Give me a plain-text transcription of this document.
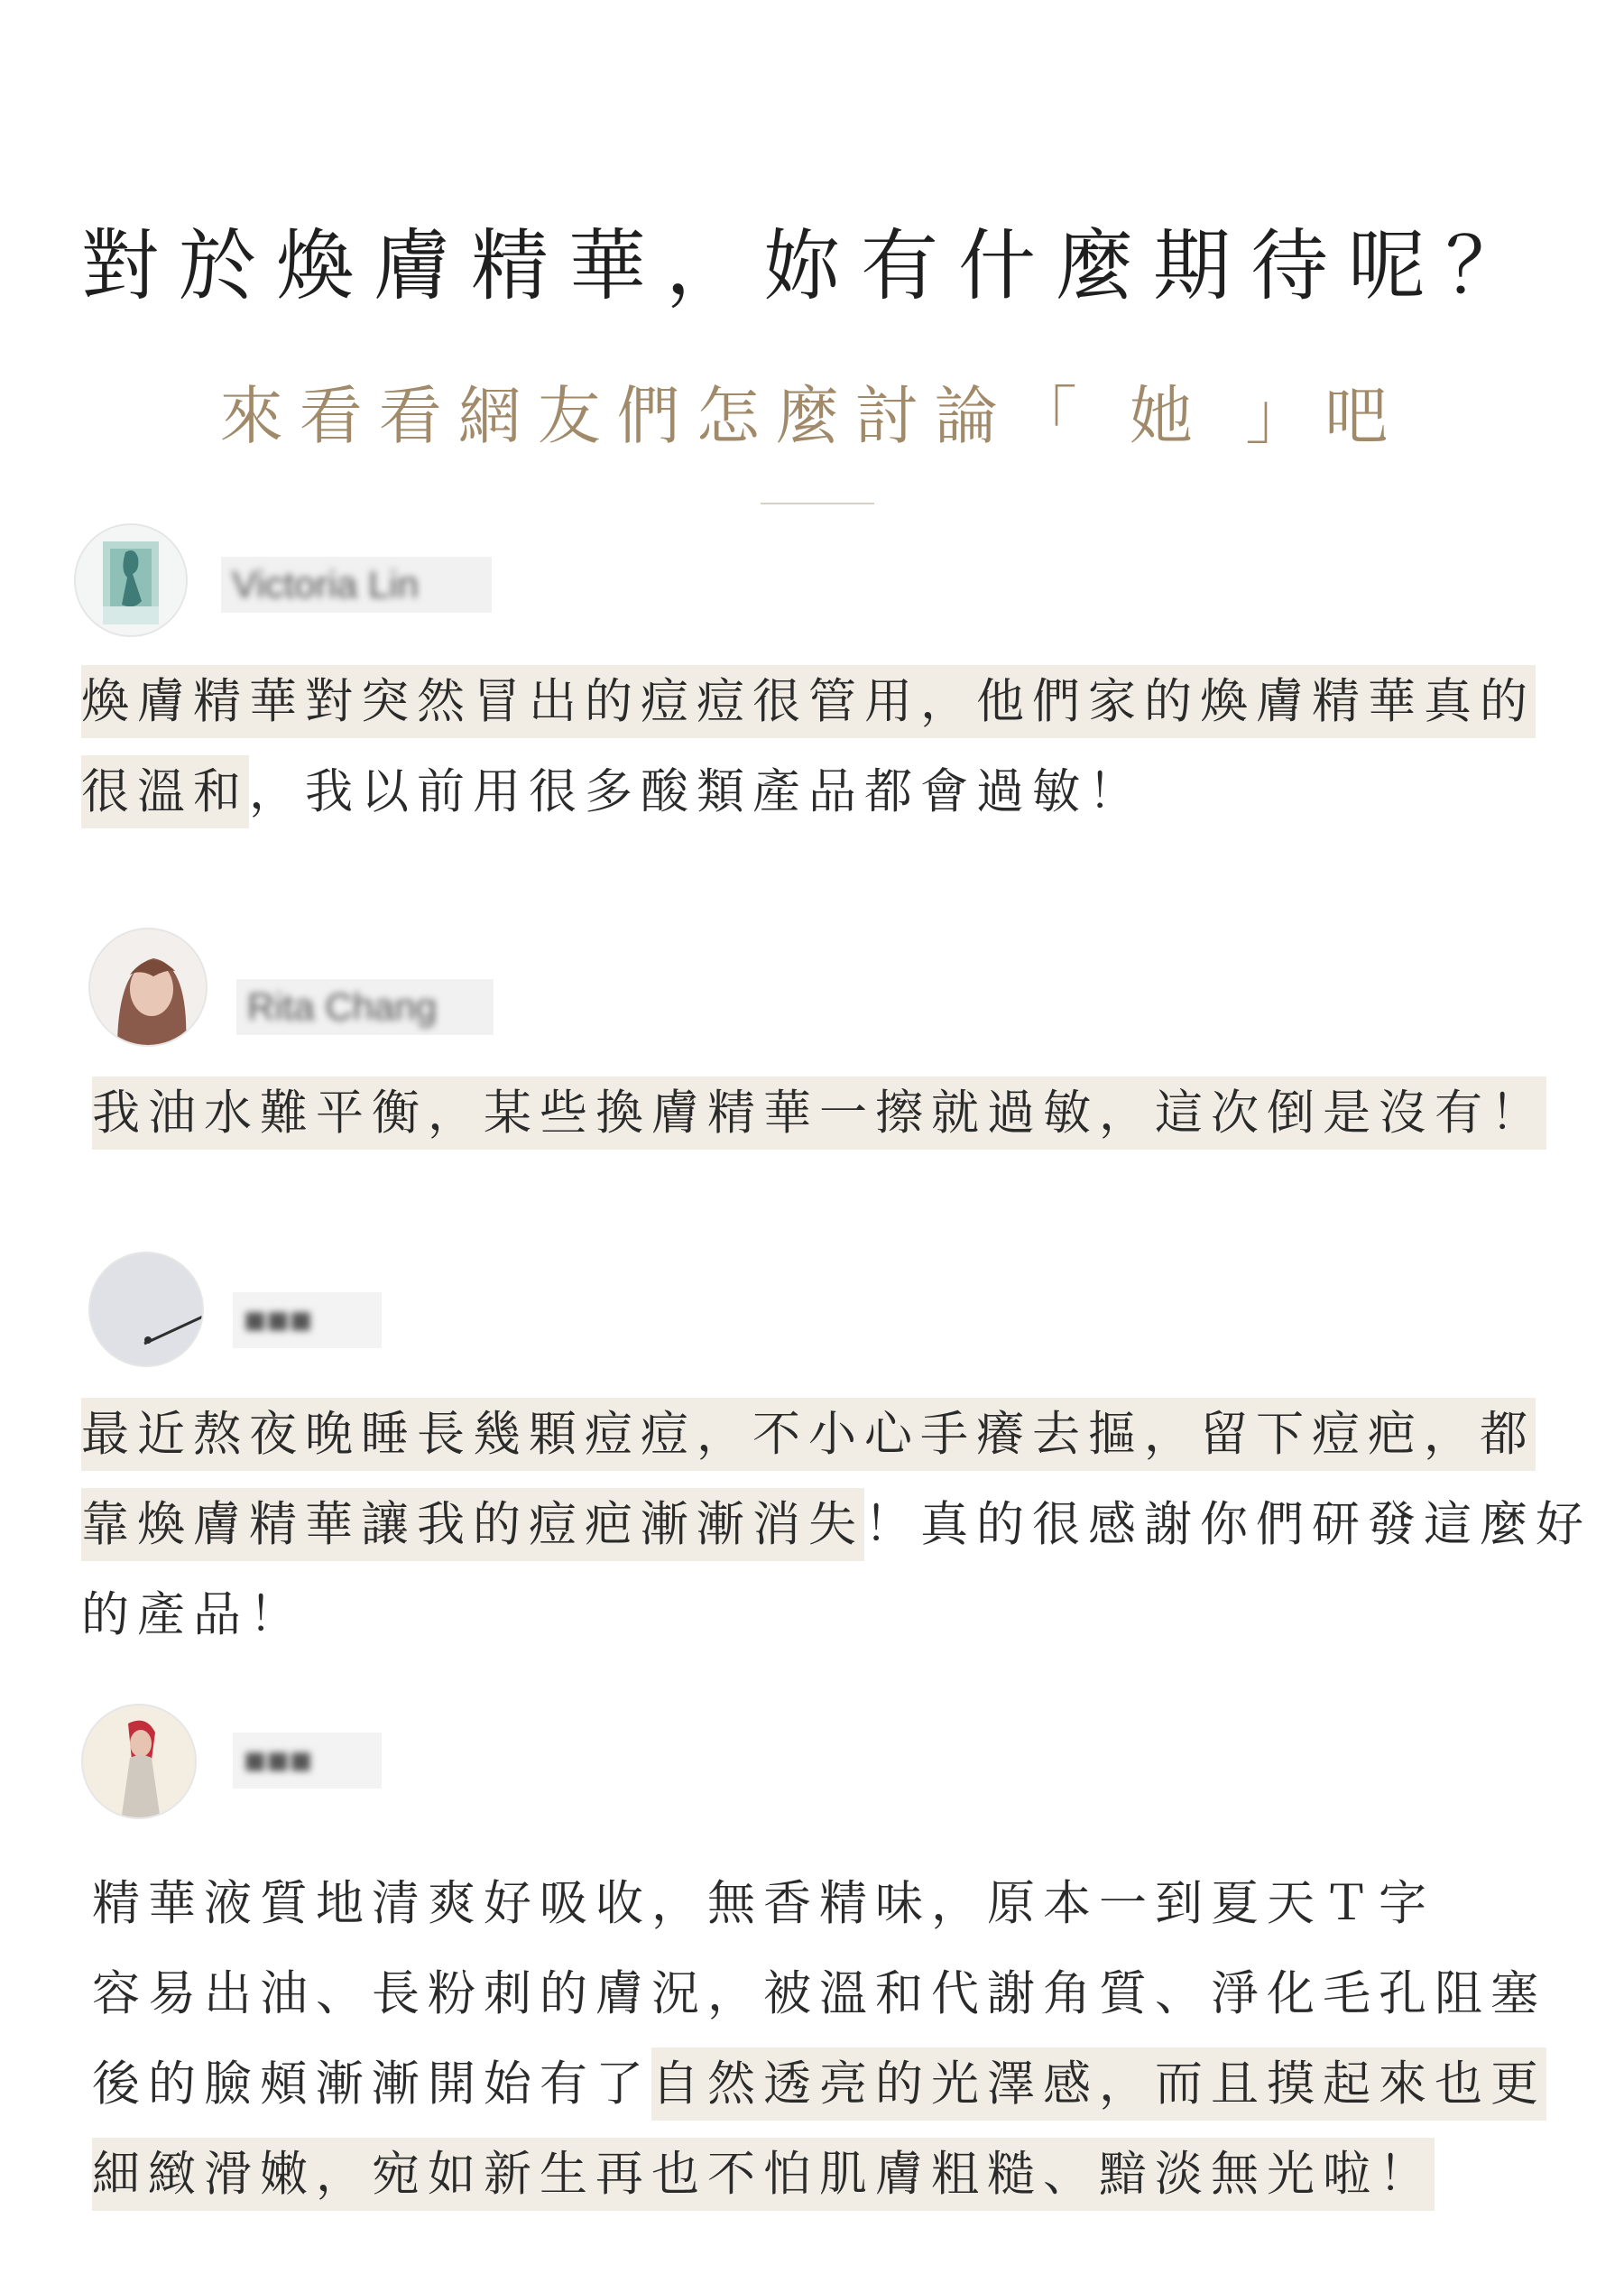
對於煥膚精華，妳有什麼期待呢？
來看看網友們怎麼討論「 她 」吧
Victoria Lin
煥膚精華對突然冒出的痘痘很管用，他們家的煥膚精華真的
很溫和，我以前用很多酸類產品都會過敏！
Rita Chang
我油水難平衡，某些換膚精華一擦就過敏，這次倒是沒有！
■■■
最近熬夜晚睡長幾顆痘痘，不小心手癢去摳，留下痘疤，都
靠煥膚精華讓我的痘疤漸漸消失！真的很感謝你們研發這麼好
的產品！
■■■
精華液質地清爽好吸收，無香精味，原本一到夏天Ｔ字
容易出油、長粉刺的膚況，被溫和代謝角質、淨化毛孔阻塞
後的臉頰漸漸開始有了自然透亮的光澤感，而且摸起來也更
細緻滑嫩，宛如新生再也不怕肌膚粗糙、黯淡無光啦！
